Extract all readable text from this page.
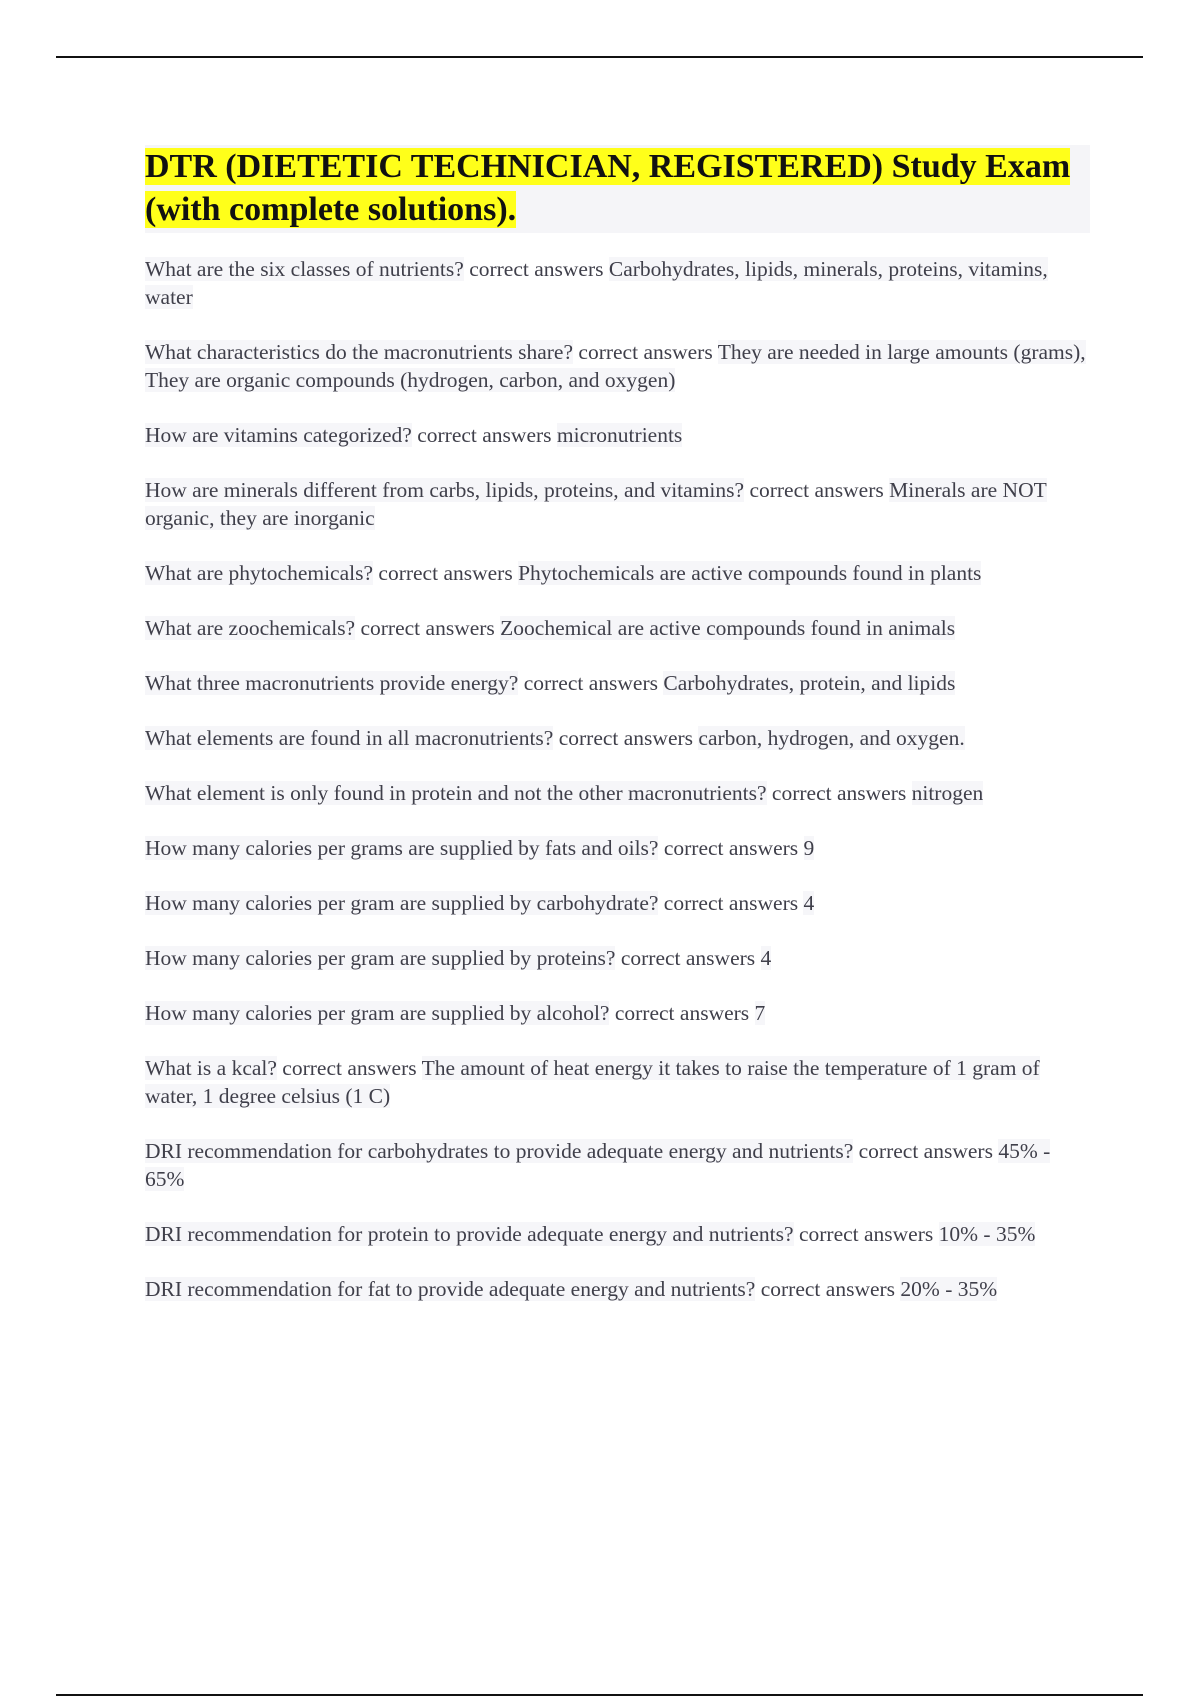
DTR (DIETETIC TECHNICIAN, REGISTERED) Study Exam (with complete solutions).

What are the six classes of nutrients? correct answers Carbohydrates, lipids, minerals, proteins, vitamins, water

What characteristics do the macronutrients share? correct answers They are needed in large amounts (grams), They are organic compounds (hydrogen, carbon, and oxygen)

How are vitamins categorized? correct answers micronutrients

How are minerals different from carbs, lipids, proteins, and vitamins? correct answers Minerals are NOT organic, they are inorganic

What are phytochemicals? correct answers Phytochemicals are active compounds found in plants

What are zoochemicals? correct answers Zoochemical are active compounds found in animals

What three macronutrients provide energy? correct answers Carbohydrates, protein, and lipids

What elements are found in all macronutrients? correct answers carbon, hydrogen, and oxygen.

What element is only found in protein and not the other macronutrients? correct answers nitrogen

How many calories per grams are supplied by fats and oils? correct answers 9

How many calories per gram are supplied by carbohydrate? correct answers 4

How many calories per gram are supplied by proteins? correct answers 4

How many calories per gram are supplied by alcohol? correct answers 7

What is a kcal? correct answers The amount of heat energy it takes to raise the temperature of 1 gram of water, 1 degree celsius (1 C)

DRI recommendation for carbohydrates to provide adequate energy and nutrients? correct answers 45% - 65%

DRI recommendation for protein to provide adequate energy and nutrients? correct answers 10% - 35%

DRI recommendation for fat to provide adequate energy and nutrients? correct answers 20% - 35%
